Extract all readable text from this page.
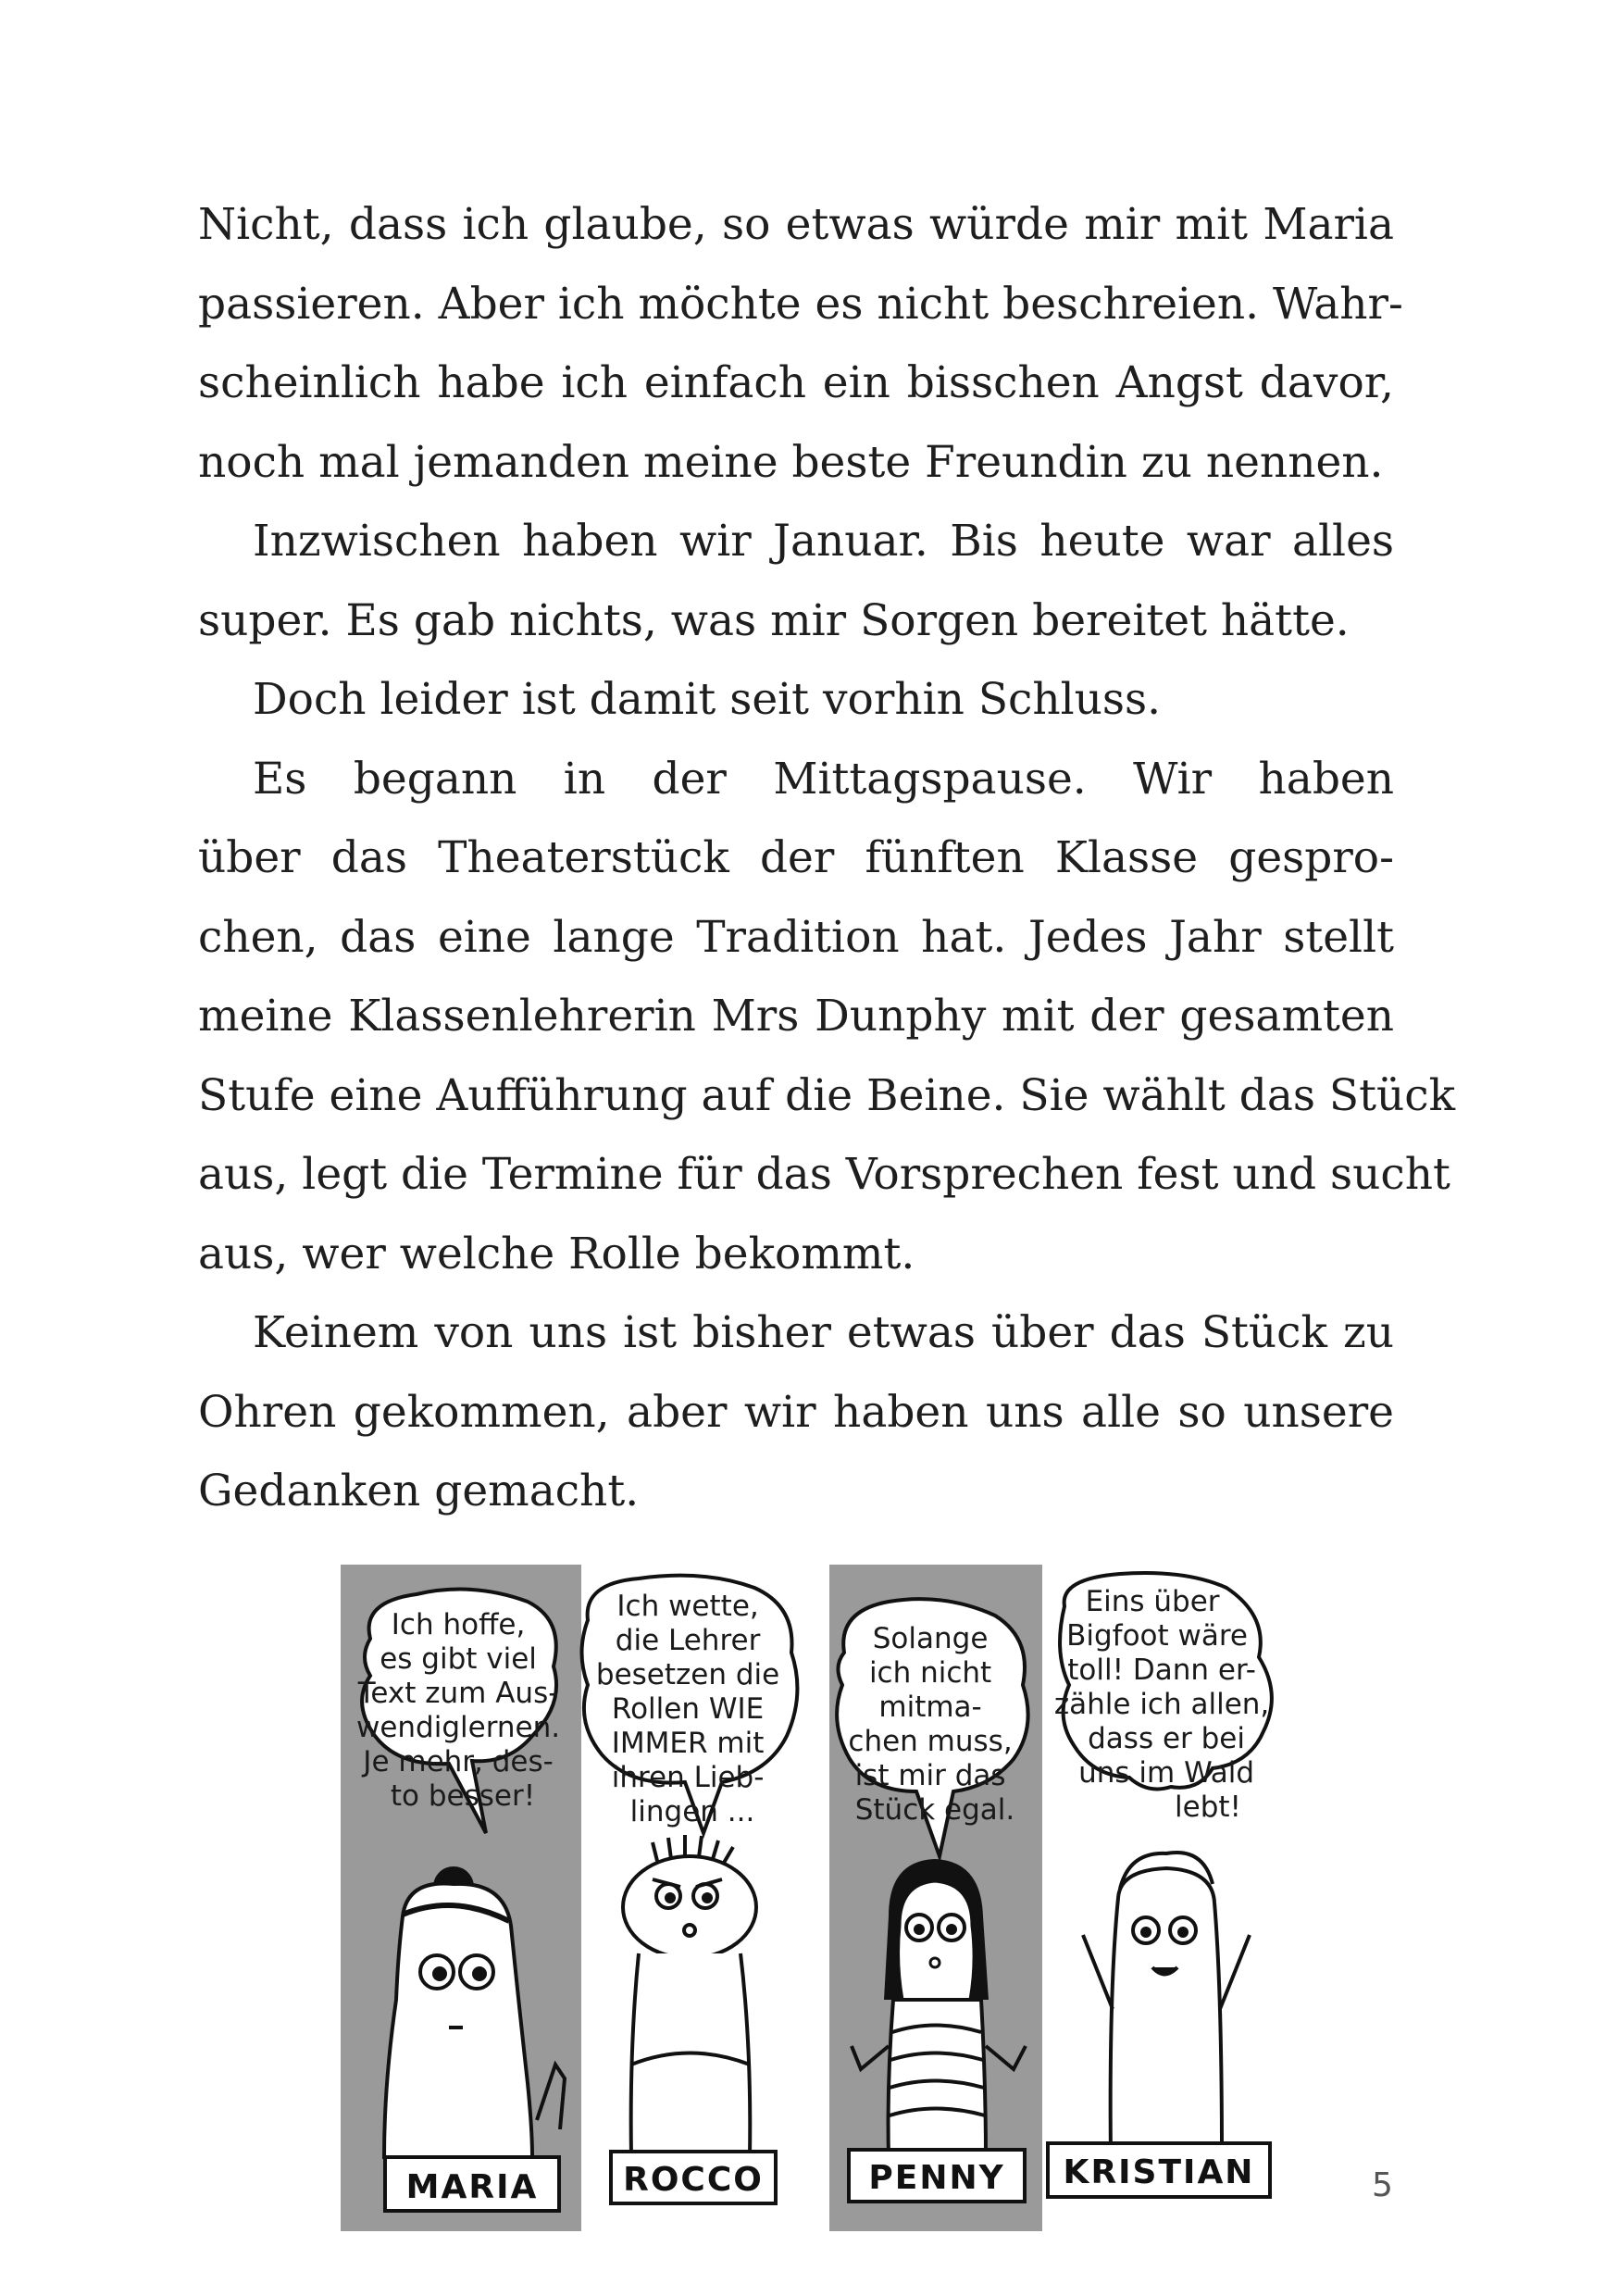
Nicht, dass ich glaube, so etwas würde mir mit Maria
passieren. Aber ich möchte es nicht beschreien. Wahr-
scheinlich habe ich einfach ein bisschen Angst davor,
noch mal jemanden meine beste Freundin zu nennen.
Inzwischen haben wir Januar. Bis heute war alles
super. Es gab nichts, was mir Sorgen bereitet hätte.
Doch leider ist damit seit vorhin Schluss.
Es begann in der Mittagspause. Wir haben
über das Theaterstück der fünften Klasse gespro-
chen, das eine lange Tradition hat. Jedes Jahr stellt
meine Klassenlehrerin Mrs Dunphy mit der gesamten
Stufe eine Aufführung auf die Beine. Sie wählt das Stück
aus, legt die Termine für das Vorsprechen fest und sucht
aus, wer welche Rolle bekommt.
Keinem von uns ist bisher etwas über das Stück zu
Ohren gekommen, aber wir haben uns alle so unsere
Gedanken gemacht.
Ich hoffe, es gibt viel Text zum Aus- wendiglernen. Je mehr, des- to besser!
MARIA
Ich wette, die Lehrer besetzen die Rollen WIE IMMER mit ihren Lieb- lingen ...
ROCCO
Solange ich nicht mitma- chen muss, ist mir das Stück egal.
PENNY
Eins über Bigfoot wäre toll! Dann er- zähle ich allen, dass er bei uns im Wald lebt!
KRISTIAN	5
